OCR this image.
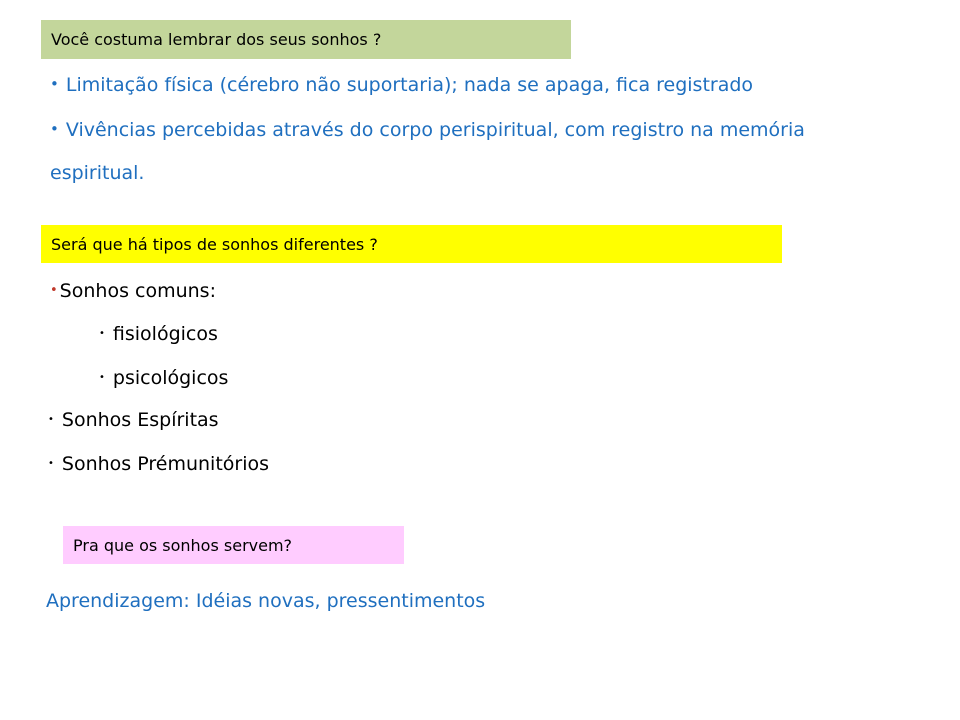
Você costuma lembrar dos seus sonhos ?
• Limitação física (cérebro não suportaria); nada se apaga, fica registrado
• Vivências percebidas através do corpo perispiritual, com registro na memória
espiritual.
Será que há tipos de sonhos diferentes ?
• Sonhos comuns:
• fisiológicos
• psicológicos
• Sonhos Espíritas
• Sonhos Prémunitórios
Pra que os sonhos servem?
Aprendizagem: Idéias novas, pressentimentos
